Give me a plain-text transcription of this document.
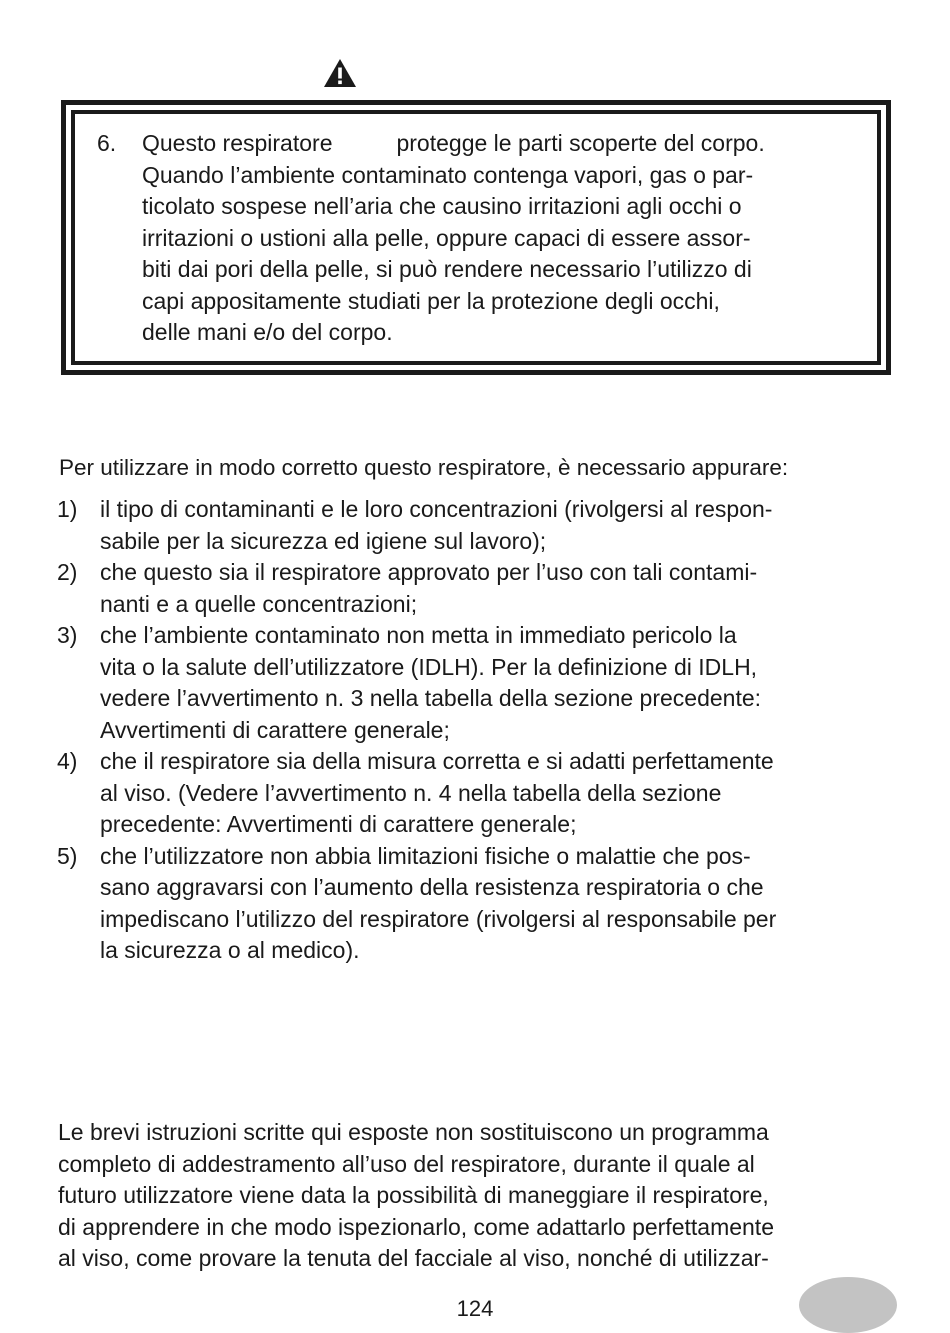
6. Questo respiratore	protegge le parti scoperte del corpo.
Quando l’ambiente contaminato contenga vapori, gas o par-
ticolato sospese nell’aria che causino irritazioni agli occhi o
irritazioni o ustioni alla pelle, oppure capaci di essere assor-
biti dai pori della pelle, si può rendere necessario l’utilizzo di
capi appositamente studiati per la protezione degli occhi,
delle mani e/o del corpo.
Per utilizzare in modo corretto questo respiratore, è necessario appurare:
1) il tipo di contaminanti e le loro concentrazioni (rivolgersi al respon-
sabile per la sicurezza ed igiene sul lavoro);
2) che questo sia il respiratore approvato per l’uso con tali contami-
nanti e a quelle concentrazioni;
3) che l’ambiente contaminato non metta in immediato pericolo la
vita o la salute dell’utilizzatore (IDLH). Per la definizione di IDLH,
vedere l’avvertimento n. 3 nella tabella della sezione precedente:
Avvertimenti di carattere generale;
4) che il respiratore sia della misura corretta e si adatti perfettamente
al viso. (Vedere l’avvertimento n. 4 nella tabella della sezione
precedente: Avvertimenti di carattere generale;
5) che l’utilizzatore non abbia limitazioni fisiche o malattie che pos-
sano aggravarsi con l’aumento della resistenza respiratoria o che
impediscano l’utilizzo del respiratore (rivolgersi al responsabile per
la sicurezza o al medico).
Le brevi istruzioni scritte qui esposte non sostituiscono un programma
completo di addestramento all’uso del respiratore, durante il quale al
futuro utilizzatore viene data la possibilità di maneggiare il respiratore,
di apprendere in che modo ispezionarlo, come adattarlo perfettamente
al viso, come provare la tenuta del facciale al viso, nonché di utilizzar-
124
